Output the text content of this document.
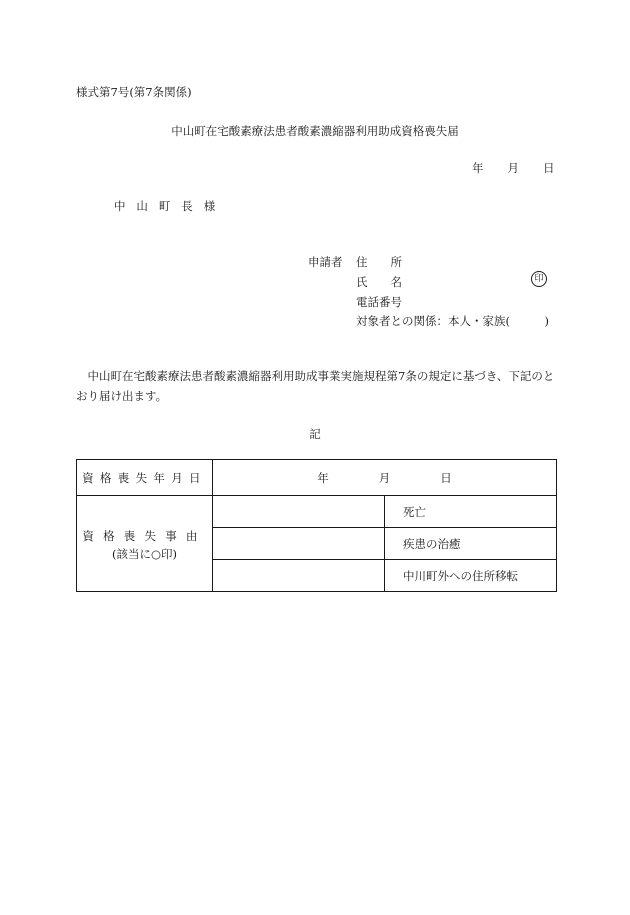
様式第7号(第7条関係)
中山町在宅酸素療法患者酸素濃縮器利用助成資格喪失届
年 月 日
中山町長様
申請者 住　　所
氏　　名	印
電話番号
対象者との関係：本人・家族(　　　)
中山町在宅酸素療法患者酸素濃縮器利用助成事業実施規程第7条の規定に基づき、下記のとおり届け出ます。
記
資格喪失年月日	年 月 日	

資格喪失事由
(該当に○印)		死亡
		疾患の治癒
		中川町外への住所移転
